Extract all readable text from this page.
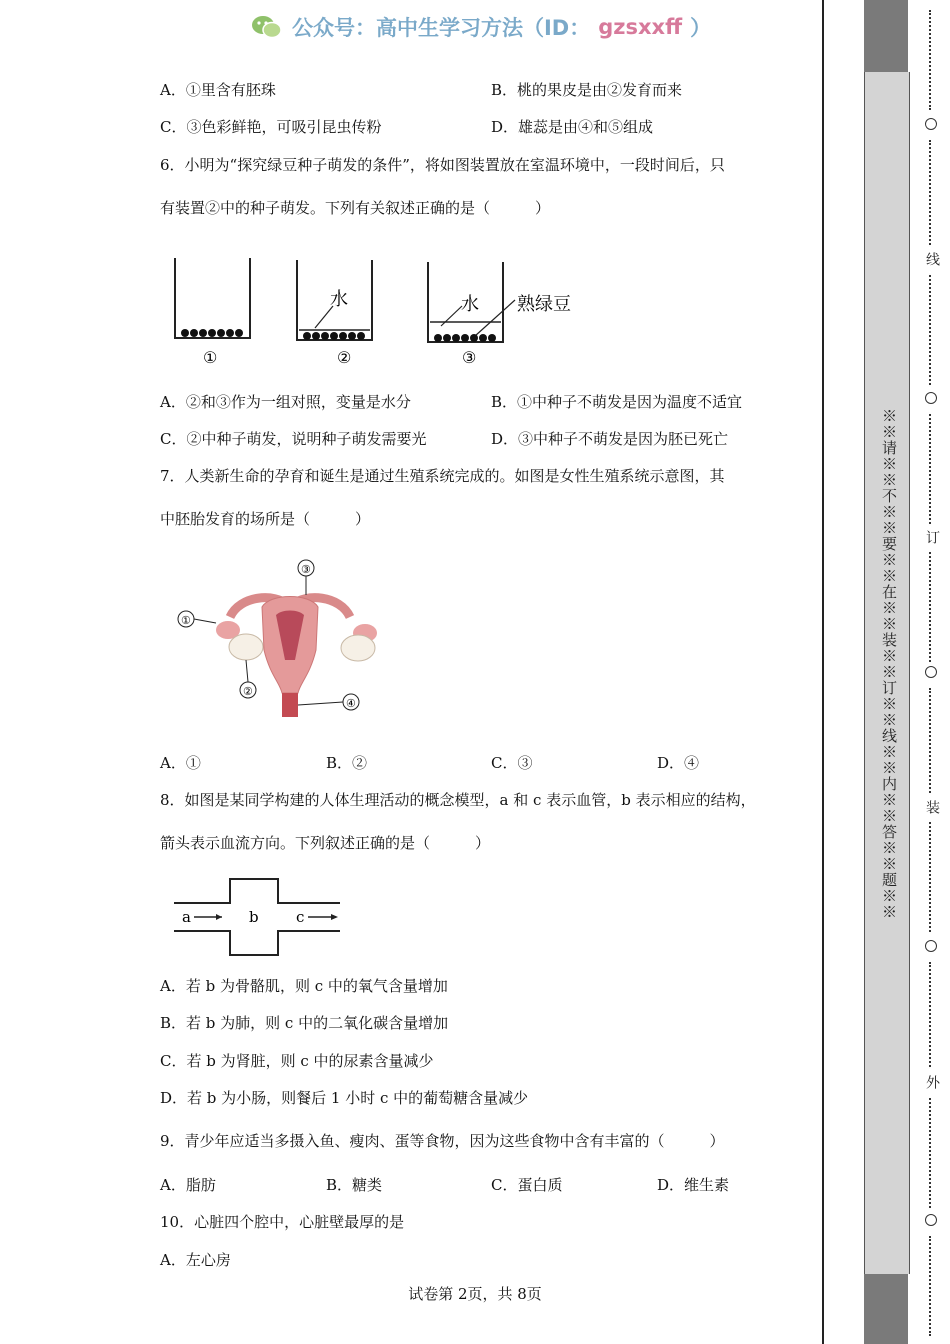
公众号：高中生学习方法（ID： gzsxxff ）
A．①里含有胚珠	B．桃的果皮是由②发育而来
C．③色彩鲜艳，可吸引昆虫传粉	D．雄蕊是由④和⑤组成
6．小明为“探究绿豆种子萌发的条件”，将如图装置放在室温环境中，一段时间后，只
有装置②中的种子萌发。下列有关叙述正确的是（　　　）
水	水 熟绿豆
①	②	③
A．②和③作为一组对照，变量是水分	B．①中种子不萌发是因为温度不适宜
C．②中种子萌发，说明种子萌发需要光	D．③中种子不萌发是因为胚已死亡
7．人类新生命的孕育和诞生是通过生殖系统完成的。如图是女性生殖系统示意图，其
中胚胎发育的场所是（　　　）
③
①
②
④
A．①	B．②	C．③	D．④
8．如图是某同学构建的人体生理活动的概念模型，a 和 c 表示血管，b 表示相应的结构，
箭头表示血流方向。下列叙述正确的是（　　　）
a	b c
A．若 b 为骨骼肌，则 c 中的氧气含量增加
B．若 b 为肺，则 c 中的二氧化碳含量增加
C．若 b 为肾脏，则 c 中的尿素含量减少
D．若 b 为小肠，则餐后 1 小时 c 中的葡萄糖含量减少
9．青少年应适当多摄入鱼、瘦肉、蛋等食物，因为这些食物中含有丰富的（　　　）
A．脂肪	B．糖类	C．蛋白质	D．维生素
10．心脏四个腔中，心脏壁最厚的是
A．左心房
试卷第 2页，共 8页
※※请※※不※※要※※在※※装※※订※※线※※内※※答※※题※※
线
订
装
外
